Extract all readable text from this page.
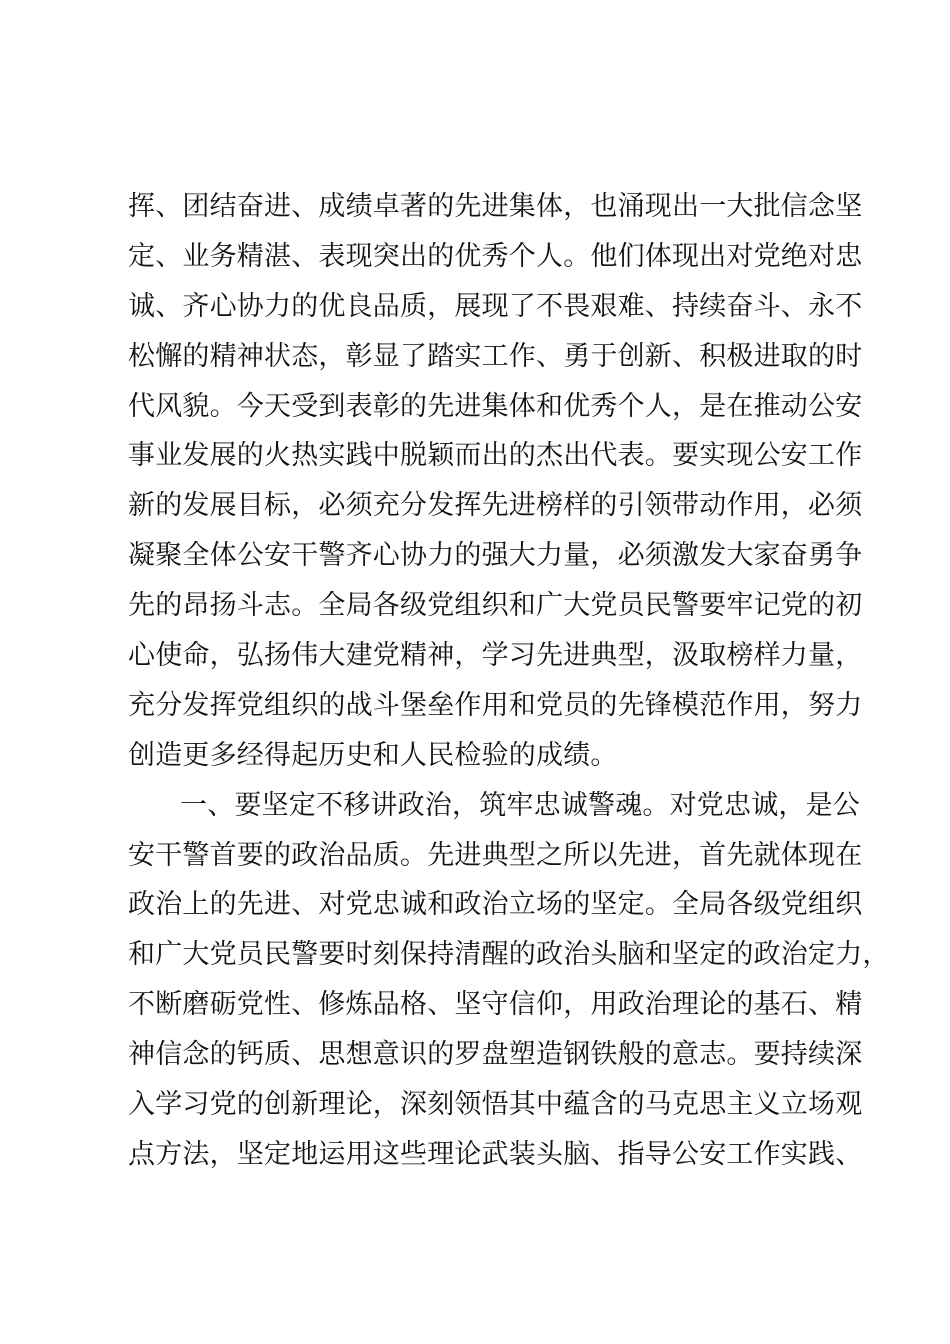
挥、团结奋进、成绩卓著的先进集体，也涌现出一大批信念坚
定、业务精湛、表现突出的优秀个人。他们体现出对党绝对忠
诚、齐心协力的优良品质，展现了不畏艰难、持续奋斗、永不
松懈的精神状态，彰显了踏实工作、勇于创新、积极进取的时
代风貌。今天受到表彰的先进集体和优秀个人，是在推动公安
事业发展的火热实践中脱颖而出的杰出代表。要实现公安工作
新的发展目标，必须充分发挥先进榜样的引领带动作用，必须
凝聚全体公安干警齐心协力的强大力量，必须激发大家奋勇争
先的昂扬斗志。全局各级党组织和广大党员民警要牢记党的初
心使命，弘扬伟大建党精神，学习先进典型，汲取榜样力量，
充分发挥党组织的战斗堡垒作用和党员的先锋模范作用，努力
创造更多经得起历史和人民检验的成绩。
一、要坚定不移讲政治，筑牢忠诚警魂。对党忠诚，是公
安干警首要的政治品质。先进典型之所以先进，首先就体现在
政治上的先进、对党忠诚和政治立场的坚定。全局各级党组织
和广大党员民警要时刻保持清醒的政治头脑和坚定的政治定力，
不断磨砺党性、修炼品格、坚守信仰，用政治理论的基石、精
神信念的钙质、思想意识的罗盘塑造钢铁般的意志。要持续深
入学习党的创新理论，深刻领悟其中蕴含的马克思主义立场观
点方法，坚定地运用这些理论武装头脑、指导公安工作实践、
